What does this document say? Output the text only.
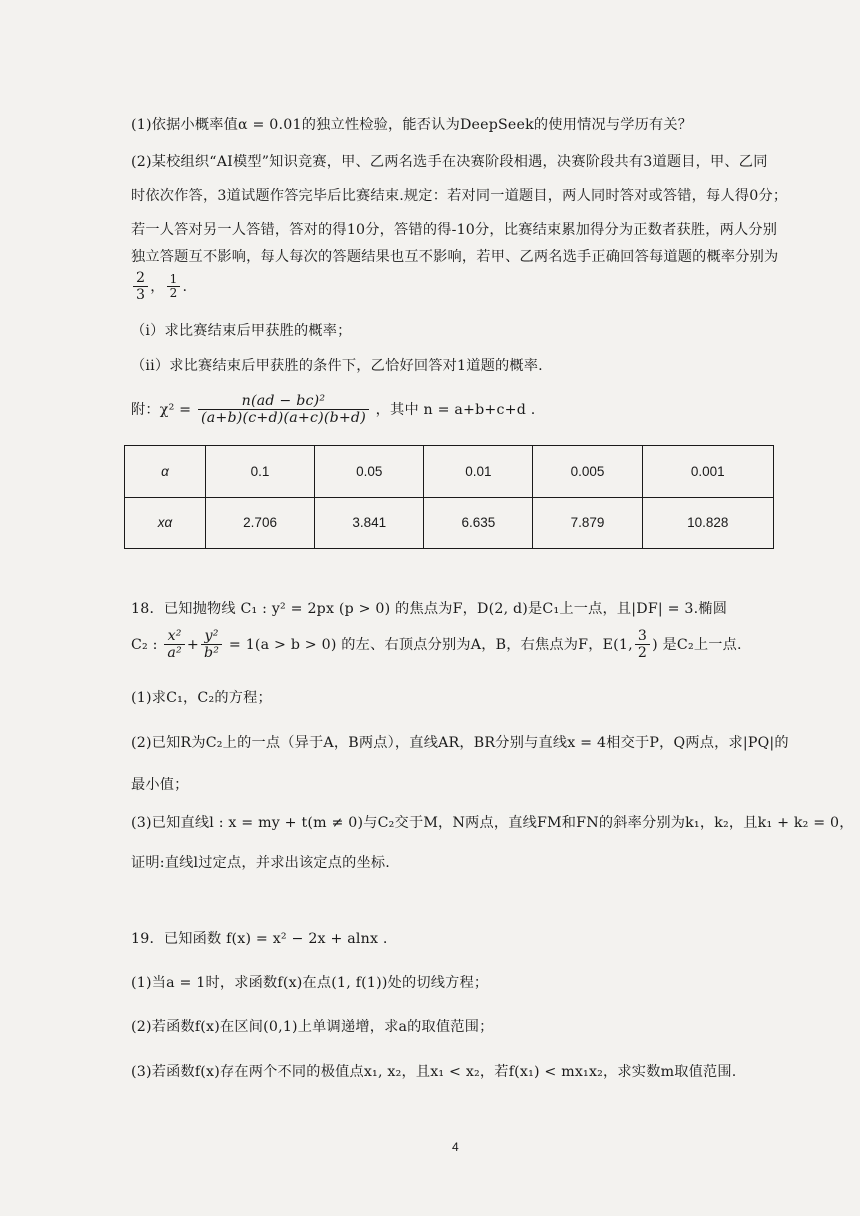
(1)依据小概率值α = 0.01的独立性检验，能否认为DeepSeek的使用情况与学历有关？
(2)某校组织“AI模型”知识竞赛，甲、乙两名选手在决赛阶段相遇，决赛阶段共有3道题目，甲、乙同
时依次作答，3道试题作答完毕后比赛结束.规定：若对同一道题目，两人同时答对或答错，每人得0分；
若一人答对另一人答错，答对的得10分，答错的得-10分，比赛结束累加得分为正数者获胜，两人分别
独立答题互不影响，每人每次的答题结果也互不影响，若甲、乙两名选手正确回答每道题的概率分别为
$\frac{2}{3}$ ， $\frac{1}{2}$ .
（i）求比赛结束后甲获胜的概率；
（ii）求比赛结束后甲获胜的条件下，乙恰好回答对1道题的概率.
附：$\chi^2 = \frac{\text{n(ad − bc)²}}{(a+b)(c+d)(a+c)(b+d)}$ ，其中 n = a+b+c+d .
α	0.1	0.05	0.01	0.005	0.001
xα	2.706	3.841	6.635	7.879	10.828
18．已知抛物线 C₁ : y² = 2px (p > 0) 的焦点为F，D(2, d)是C₁上一点，且|DF| = 3.椭圆
C₂ : $\frac{\text{x²}}{\text{a²}} + \frac{\text{y²}}{\text{b²}} = 1(a > b > 0)$ 的左、右顶点分别为A，B，右焦点为F，E(1, $\frac{3}{2}$ ) 是C₂上一点.
(1)求C₁，C₂的方程；
(2)已知R为C₂上的一点（异于A，B两点），直线AR，BR分别与直线x = 4相交于P，Q两点，求|PQ|的
最小值；
(3)已知直线l : x = my + t(m ≠ 0)与C₂交于M，N两点，直线FM和FN的斜率分别为k₁，k₂，且k₁ + k₂ = 0，
证明:直线l过定点，并求出该定点的坐标.
19．已知函数 f(x) = x² − 2x + alnx .
(1)当a = 1时，求函数f(x)在点(1, f(1))处的切线方程；
(2)若函数f(x)在区间(0,1)上单调递增，求a的取值范围；
(3)若函数f(x)存在两个不同的极值点x₁, x₂，且x₁ < x₂，若f(x₁) < mx₁x₂，求实数m取值范围.
4
